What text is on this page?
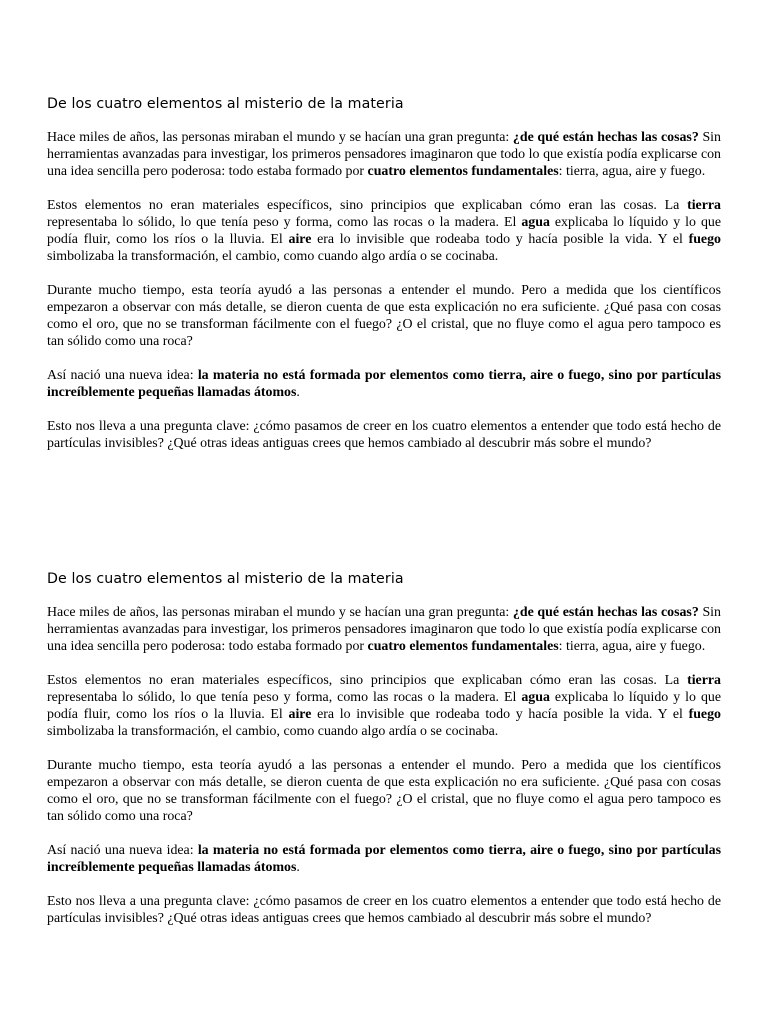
De los cuatro elementos al misterio de la materia

Hace miles de años, las personas miraban el mundo y se hacían una gran pregunta: ¿de qué están hechas las cosas? Sin herramientas avanzadas para investigar, los primeros pensadores imaginaron que todo lo que existía podía explicarse con una idea sencilla pero poderosa: todo estaba formado por cuatro elementos fundamentales: tierra, agua, aire y fuego.

Estos elementos no eran materiales específicos, sino principios que explicaban cómo eran las cosas. La tierra representaba lo sólido, lo que tenía peso y forma, como las rocas o la madera. El agua explicaba lo líquido y lo que podía fluir, como los ríos o la lluvia. El aire era lo invisible que rodeaba todo y hacía posible la vida. Y el fuego simbolizaba la transformación, el cambio, como cuando algo ardía o se cocinaba.

Durante mucho tiempo, esta teoría ayudó a las personas a entender el mundo. Pero a medida que los científicos empezaron a observar con más detalle, se dieron cuenta de que esta explicación no era suficiente. ¿Qué pasa con cosas como el oro, que no se transforman fácilmente con el fuego? ¿O el cristal, que no fluye como el agua pero tampoco es tan sólido como una roca?

Así nació una nueva idea: la materia no está formada por elementos como tierra, aire o fuego, sino por partículas increíblemente pequeñas llamadas átomos.

Esto nos lleva a una pregunta clave: ¿cómo pasamos de creer en los cuatro elementos a entender que todo está hecho de partículas invisibles? ¿Qué otras ideas antiguas crees que hemos cambiado al descubrir más sobre el mundo?

De los cuatro elementos al misterio de la materia

Hace miles de años, las personas miraban el mundo y se hacían una gran pregunta: ¿de qué están hechas las cosas? Sin herramientas avanzadas para investigar, los primeros pensadores imaginaron que todo lo que existía podía explicarse con una idea sencilla pero poderosa: todo estaba formado por cuatro elementos fundamentales: tierra, agua, aire y fuego.

Estos elementos no eran materiales específicos, sino principios que explicaban cómo eran las cosas. La tierra representaba lo sólido, lo que tenía peso y forma, como las rocas o la madera. El agua explicaba lo líquido y lo que podía fluir, como los ríos o la lluvia. El aire era lo invisible que rodeaba todo y hacía posible la vida. Y el fuego simbolizaba la transformación, el cambio, como cuando algo ardía o se cocinaba.

Durante mucho tiempo, esta teoría ayudó a las personas a entender el mundo. Pero a medida que los científicos empezaron a observar con más detalle, se dieron cuenta de que esta explicación no era suficiente. ¿Qué pasa con cosas como el oro, que no se transforman fácilmente con el fuego? ¿O el cristal, que no fluye como el agua pero tampoco es tan sólido como una roca?

Así nació una nueva idea: la materia no está formada por elementos como tierra, aire o fuego, sino por partículas increíblemente pequeñas llamadas átomos.

Esto nos lleva a una pregunta clave: ¿cómo pasamos de creer en los cuatro elementos a entender que todo está hecho de partículas invisibles? ¿Qué otras ideas antiguas crees que hemos cambiado al descubrir más sobre el mundo?
